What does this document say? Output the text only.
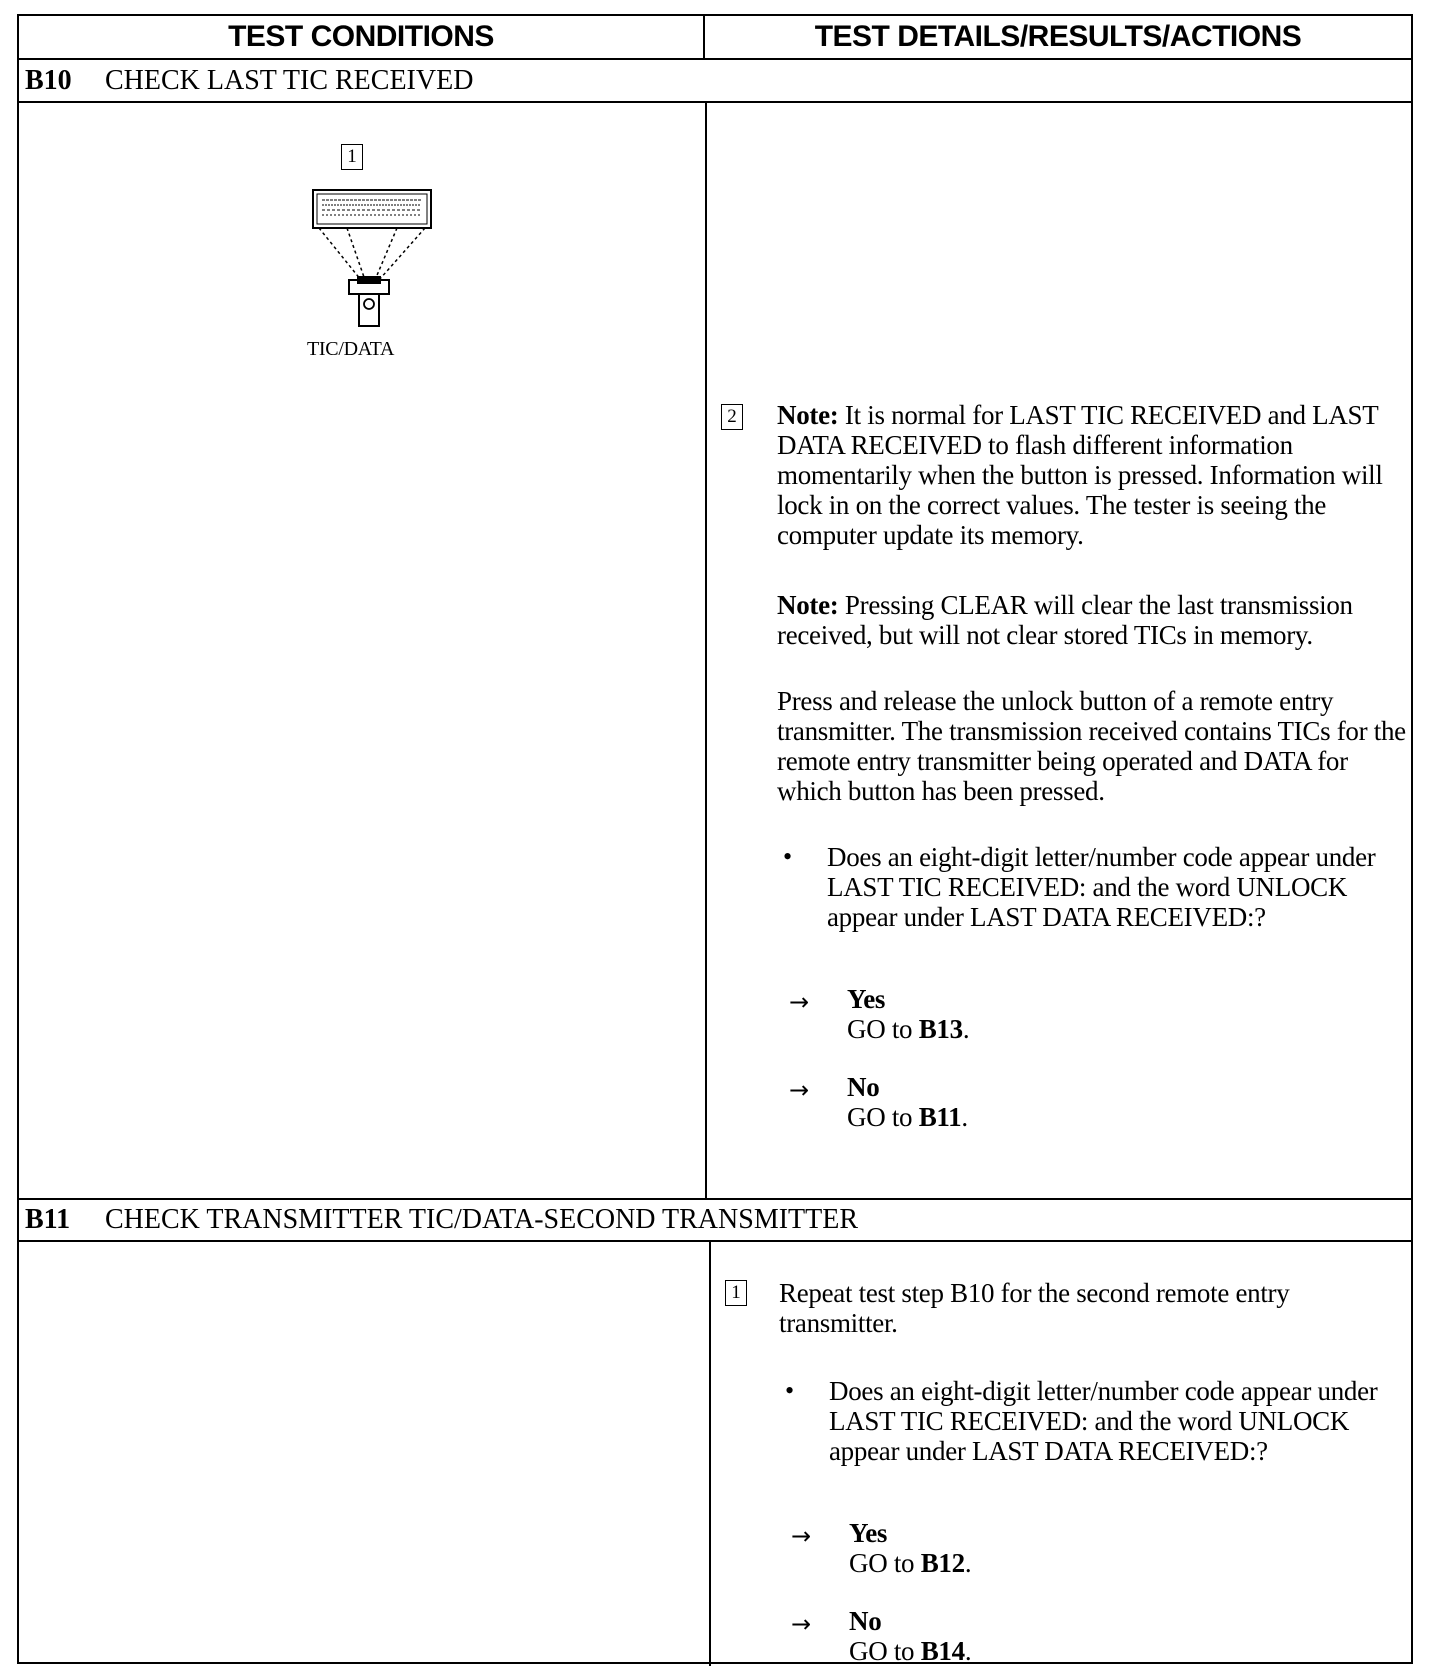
TEST CONDITIONS	TEST DETAILS/RESULTS/ACTIONS
B10	CHECK LAST TIC RECEIVED
1
TIC/DATA
2 Note: It is normal for LAST TIC RECEIVED and LAST DATA RECEIVED to flash different information momentarily when the button is pressed. Information will lock in on the correct values. The tester is seeing the computer update its memory.

Note: Pressing CLEAR will clear the last transmission received, but will not clear stored TICs in memory.

Press and release the unlock button of a remote entry transmitter. The transmission received contains TICs for the remote entry transmitter being operated and DATA for which button has been pressed.
• Does an eight-digit letter/number code appear under LAST TIC RECEIVED: and the word UNLOCK appear under LAST DATA RECEIVED:?
→ Yes

GO to B13.

→ No

GO to B11.

B11	CHECK TRANSMITTER TIC/DATA-SECOND TRANSMITTER
1 Repeat test step B10 for the second remote entry transmitter.
• Does an eight-digit letter/number code appear under LAST TIC RECEIVED: and the word UNLOCK appear under LAST DATA RECEIVED:?
→ Yes

GO to B12.

→ No

GO to B14.
